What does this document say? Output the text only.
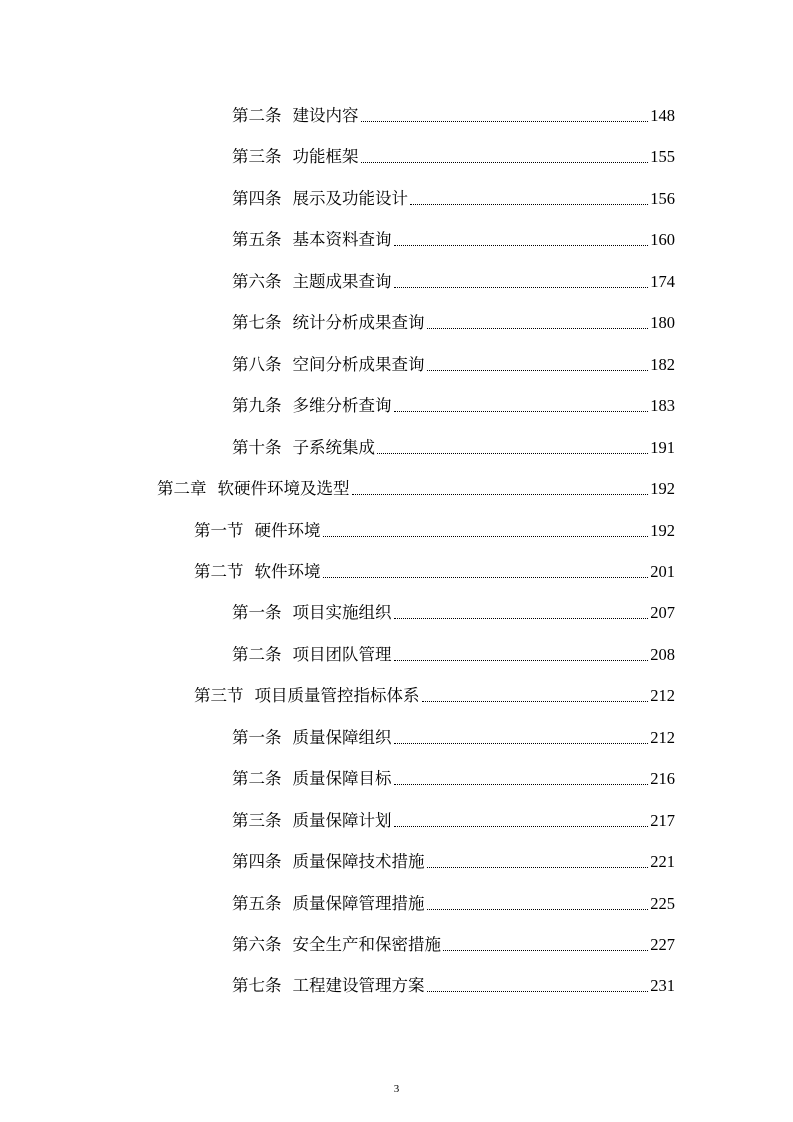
第二条 建设内容	148
第三条 功能框架	155
第四条 展示及功能设计	156
第五条 基本资料查询	160
第六条 主题成果查询	174
第七条 统计分析成果查询	180
第八条 空间分析成果查询	182
第九条 多维分析查询	183
第十条 子系统集成	191
第二章 软硬件环境及选型	192
第一节 硬件环境	192
第二节 软件环境	201
第一条 项目实施组织	207
第二条 项目团队管理	208
第三节 项目质量管控指标体系	212
第一条 质量保障组织	212
第二条 质量保障目标	216
第三条 质量保障计划	217
第四条 质量保障技术措施	221
第五条 质量保障管理措施	225
第六条 安全生产和保密措施	227
第七条 工程建设管理方案	231
3
